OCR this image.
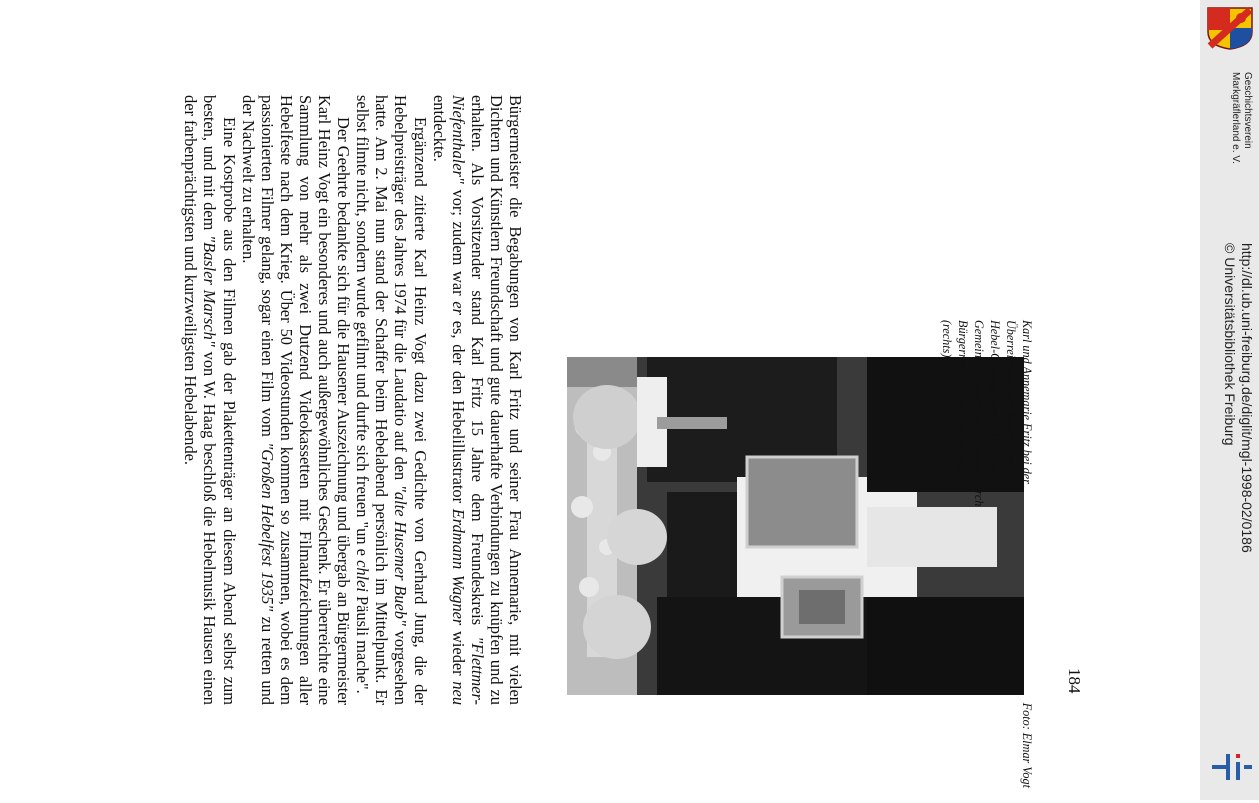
Bürgermeister die Begabungen von Karl Fritz und seiner Frau Annemarie, mit vielen Dichtern und Künstlern Freundschaft und gute dauerhafte Verbindungen zu knüpfen und zu erhalten. Als Vorsitzender stand Karl Fritz 15 Jahre dem Freundeskreis "Flettmer-Niefenthaler" vor; zudem war er es, der den Hebelillustrator Erdmann Wagner wieder neu entdeckte.

Ergänzend zitierte Karl Heinz Vogt dazu zwei Gedichte von Gerhard Jung, die der Hebelpreisträger des Jahres 1974 für die Laudatio auf den "alte Husemer Bueb" vorgesehen hatte. Am 2. Mai nun stand der Schaffer beim Hebelabend persönlich im Mittelpunkt. Er selbst filmte nicht, sondern wurde gefilmt und durfte sich freuen "un e chlei Päusli mache".

Der Geehrte bedankte sich für die Hausener Auszeichnung und übergab an Bürgermeister Karl Heinz Vogt ein besonderes und auch außergewöhnliches Geschenk. Er überreichte eine Sammlung von mehr als zwei Dutzend Videokassetten mit Filmaufzeichnungen aller Hebelfeste nach dem Krieg. Über 50 Videostunden kommen so zusammen, wobei es dem passionierten Filmer gelang, sogar einen Film vom "Großen Hebelfest 1935" zu retten und der Nachwelt zu erhalten.

Eine Kostprobe aus den Filmen gab der Plakettenträger an diesem Abend selbst zum besten, und mit dem "Basler Marsch" von W. Haag beschloß die Hebelmusik Hausen einen der farbenprächtigsten und kurzweiligsten Hebelabende.	Karl und Annemarie Fritz bei der
Überreichung der Johann Peter
Hebel-Gedenkplakette 1998 der
Gemeinde Hausen im Wiesental durch
Bürgermeister Karl Heinz Vogt
(rechts).
Foto: Elmar Vogt
184
Geschichtsverein
Markgräflerland e. V.
http://dl.ub.uni-freiburg.de/diglit/mgl-1998-02/0186
© Universitätsbibliothek Freiburg
